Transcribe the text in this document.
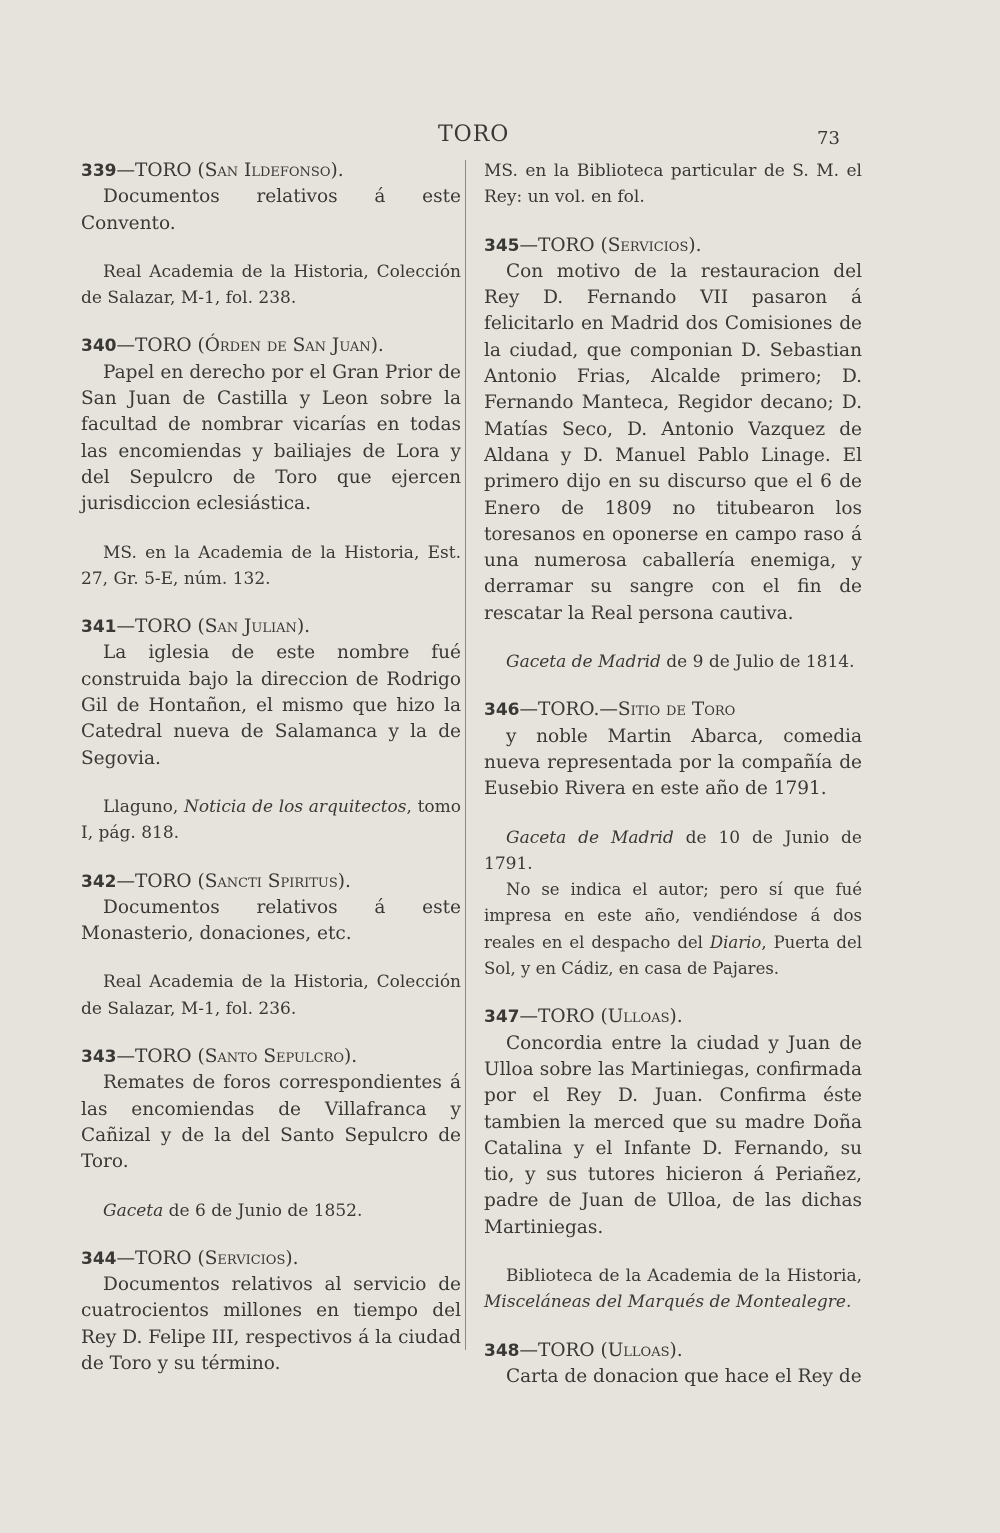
TORO	73
339—TORO (San Ildefonso).
Documentos relativos á este Convento.
Real Academia de la Historia, Colección de Salazar, M-1, fol. 238.
340—TORO (Órden de San Juan).
Papel en derecho por el Gran Prior de San Juan de Castilla y Leon sobre la facultad de nombrar vicarías en todas las encomiendas y bailiajes de Lora y del Sepulcro de Toro que ejercen jurisdiccion eclesiástica.
MS. en la Academia de la Historia, Est. 27, Gr. 5-E, núm. 132.
341—TORO (San Julian).
La iglesia de este nombre fué construida bajo la direccion de Rodrigo Gil de Hontañon, el mismo que hizo la Catedral nueva de Salamanca y la de Segovia.
Llaguno, Noticia de los arquitectos, tomo I, pág. 818.
342—TORO (Sancti Spiritus).
Documentos relativos á este Monasterio, donaciones, etc.
Real Academia de la Historia, Colección de Salazar, M-1, fol. 236.
343—TORO (Santo Sepulcro).
Remates de foros correspondientes á las encomiendas de Villafranca y Cañizal y de la del Santo Sepulcro de Toro.
Gaceta de 6 de Junio de 1852.
344—TORO (Servicios).
Documentos relativos al servicio de cuatrocientos millones en tiempo del Rey D. Felipe III, respectivos á la ciudad de Toro y su término.
MS. en la Biblioteca particular de S. M. el Rey: un vol. en fol.
345—TORO (Servicios).
Con motivo de la restauracion del Rey D. Fernando VII pasaron á felicitarlo en Madrid dos Comisiones de la ciudad, que componian D. Sebastian Antonio Frias, Alcalde primero; D. Fernando Manteca, Regidor decano; D. Matías Seco, D. Antonio Vazquez de Aldana y D. Manuel Pablo Linage. El primero dijo en su discurso que el 6 de Enero de 1809 no titubearon los toresanos en oponerse en campo raso á una numerosa caballería enemiga, y derramar su sangre con el fin de rescatar la Real persona cautiva.
Gaceta de Madrid de 9 de Julio de 1814.
346—TORO.—Sitio de Toro
y noble Martin Abarca, comedia nueva representada por la compañía de Eusebio Rivera en este año de 1791.
Gaceta de Madrid de 10 de Junio de 1791.
No se indica el autor; pero sí que fué impresa en este año, vendiéndose á dos reales en el despacho del Diario, Puerta del Sol, y en Cádiz, en casa de Pajares.
347—TORO (Ulloas).
Concordia entre la ciudad y Juan de Ulloa sobre las Martiniegas, confirmada por el Rey D. Juan. Confirma éste tambien la merced que su madre Doña Catalina y el Infante D. Fernando, su tio, y sus tutores hicieron á Periañez, padre de Juan de Ulloa, de las dichas Martiniegas.
Biblioteca de la Academia de la Historia, Misceláneas del Marqués de Montealegre.
348—TORO (Ulloas).
Carta de donacion que hace el Rey de
